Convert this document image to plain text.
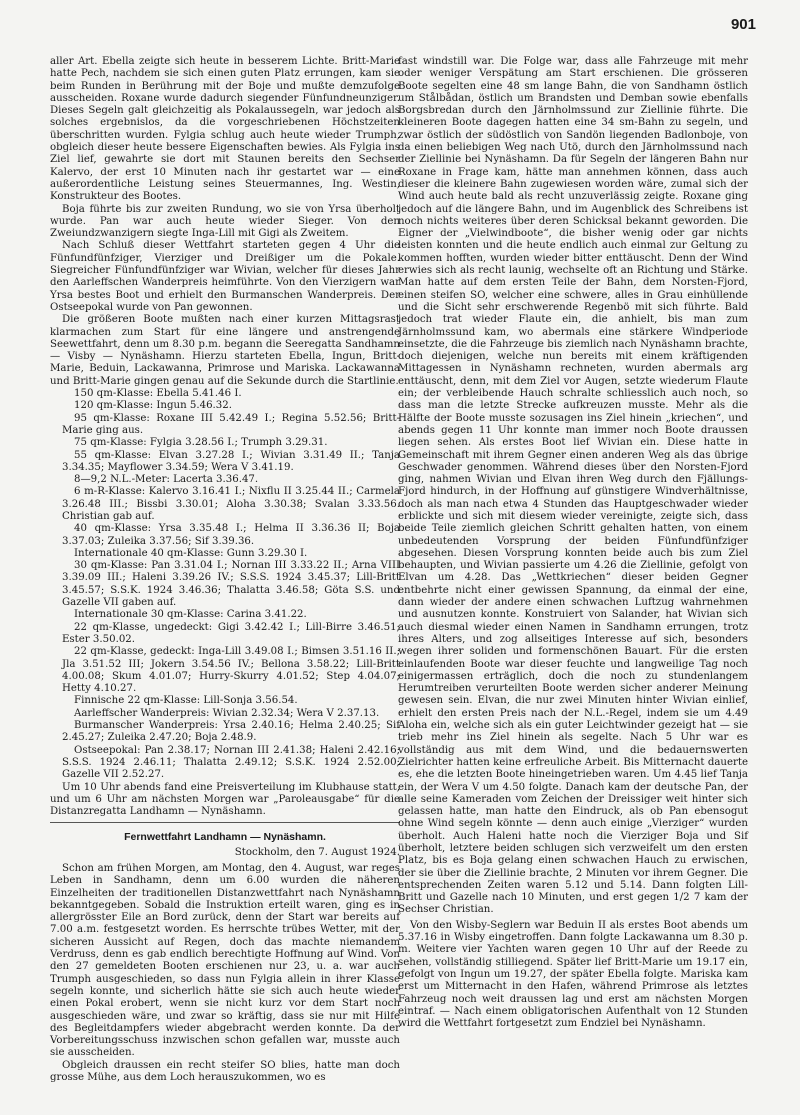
901

aller Art. Ebella zeigte sich heute in besserem Lichte. Britt-Marie hatte Pech, nachdem sie sich einen guten Platz errungen, kam sie beim Runden in Berührung mit der Boje und mußte demzufolge ausscheiden. Roxane wurde dadurch siegender Fünfundneunziger. Dieses Segeln galt gleichzeitig als Pokalaussegeln, war jedoch als solches ergebnislos, da die vorgeschriebenen Höchstzeiten überschritten wurden. Fylgia schlug auch heute wieder Trumph, obgleich dieser heute bessere Eigenschaften bewies. Als Fylgia ins Ziel lief, gewahrte sie dort mit Staunen bereits den Sechser Kalervo, der erst 10 Minuten nach ihr gestartet war — eine außerordentliche Leistung seines Steuermannes, Ing. Westin, Konstrukteur des Bootes.

Boja führte bis zur zweiten Rundung, wo sie von Yrsa überholt wurde. Pan war auch heute wieder Sieger. Von den Zweiundzwanzigern siegte Inga-Lill mit Gigi als Zweitem.

Nach Schluß dieser Wettfahrt starteten gegen 4 Uhr die Fünfundfünfziger, Vierziger und Dreißiger um die Pokale. Siegreicher Fünfundfünfziger war Wivian, welcher für dieses Jahr den Aarleffschen Wanderpreis heimführte. Von den Vierzigern war Yrsa bestes Boot und erhielt den Burmanschen Wanderpreis. Der Ostseepokal wurde von Pan gewonnen.

Die größeren Boote mußten nach einer kurzen Mittagsrast klarmachen zum Start für eine längere und anstrengende Seewettfahrt, denn um 8.30 p.m. begann die Seeregatta Sandhamn — Visby — Nynäshamn. Hierzu starteten Ebella, Ingun, Britt-Marie, Beduin, Lackawanna, Primrose und Mariska. Lackawanna und Britt-Marie gingen genau auf die Sekunde durch die Startlinie.

150 qm-Klasse: Ebella 5.41.46 I.

120 qm-Klasse: Ingun 5.46.32.

95 qm-Klasse: Roxane III 5.42.49 I.; Regina 5.52.56; Britt-Marie ging aus.

75 qm-Klasse: Fylgia 3.28.56 I.; Trumph 3.29.31.

55 qm-Klasse: Elvan 3.27.28 I.; Wivian 3.31.49 II.; Tanja 3.34.35; Mayflower 3.34.59; Wera V 3.41.19.

8—9,2 N.L.-Meter: Lacerta 3.36.47.

6 m-R-Klasse: Kalervo 3.16.41 I.; Nixflu II 3.25.44 II.; Carmela 3.26.48 III.; Bissbi 3.30.01; Aloha 3.30.38; Svalan 3.33.56. Christian gab auf.

40 qm-Klasse: Yrsa 3.35.48 I.; Helma II 3.36.36 II; Boja 3.37.03; Zuleika 3.37.56; Sif 3.39.36.

Internationale 40 qm-Klasse: Gunn 3.29.30 I.

30 qm-Klasse: Pan 3.31.04 I.; Nornan III 3.33.22 II.; Arna VIII 3.39.09 III.; Haleni 3.39.26 IV.; S.S.S. 1924 3.45.37; Lill-Britt 3.45.57; S.S.K. 1924 3.46.36; Thalatta 3.46.58; Göta S.S. und Gazelle VII gaben auf.

Internationale 30 qm-Klasse: Carina 3.41.22.

22 qm-Klasse, ungedeckt: Gigi 3.42.42 I.; Lill-Birre 3.46.51; Ester 3.50.02.

22 qm-Klasse, gedeckt: Inga-Lill 3.49.08 I.; Bimsen 3.51.16 II.; Jla 3.51.52 III; Jokern 3.54.56 IV.; Bellona 3.58.22; Lill-Britt 4.00.08; Skum 4.01.07; Hurry-Skurry 4.01.52; Step 4.04.07; Hetty 4.10.27.

Finnische 22 qm-Klasse: Lill-Sonja 3.56.54.

Aarleffscher Wanderpreis: Wivian 2.32.34; Wera V 2.37.13.

Burmanscher Wanderpreis: Yrsa 2.40.16; Helma 2.40.25; Sif 2.45.27; Zuleika 2.47.20; Boja 2.48.9.

Ostseepokal: Pan 2.38.17; Nornan III 2.41.38; Haleni 2.42.16; S.S.S. 1924 2.46.11; Thalatta 2.49.12; S.S.K. 1924 2.52.00; Gazelle VII 2.52.27.

Um 10 Uhr abends fand eine Preisverteilung im Klubhause statt, und um 6 Uhr am nächsten Morgen war „Paroleausgabe“ für die Distanzregatta Landhamn — Nynäshamn.

Fernwettfahrt Landhamn — Nynäshamn.
Stockholm, den 7. August 1924.

Schon am frühen Morgen, am Montag, den 4. August, war reges Leben in Sandhamn, denn um 6.00 wurden die näheren Einzelheiten der traditionellen Distanzwettfahrt nach Nynäshamn bekanntgegeben. Sobald die Instruktion erteilt waren, ging es in allergrösster Eile an Bord zurück, denn der Start war bereits auf 7.00 a.m. festgesetzt worden. Es herrschte trübes Wetter, mit der sicheren Aussicht auf Regen, doch das machte niemandem Verdruss, denn es gab endlich berechtigte Hoffnung auf Wind. Von den 27 gemeldeten Booten erschienen nur 23, u. a. war auch Trumph ausgeschieden, so dass nun Fylgia allein in ihrer Klasse segeln konnte, und sicherlich hätte sie sich auch heute wieder einen Pokal erobert, wenn sie nicht kurz vor dem Start noch ausgeschieden wäre, und zwar so kräftig, dass sie nur mit Hilfe des Begleitdampfers wieder abgebracht werden konnte. Da der Vorbereitungsschuss inzwischen schon gefallen war, musste auch sie ausscheiden.

Obgleich draussen ein recht steifer SO blies, hatte man doch grosse Mühe, aus dem Loch herauszukommen, wo es

fast windstill war. Die Folge war, dass alle Fahrzeuge mit mehr oder weniger Verspätung am Start erschienen. Die grösseren Boote segelten eine 48 sm lange Bahn, die von Sandhamn östlich um Stålbådan, östlich um Brandsten und Demban sowie ebenfalls Borgsbredan durch den Järnholmssund zur Ziellinie führte. Die kleineren Boote dagegen hatten eine 34 sm-Bahn zu segeln, und zwar östlich der südöstlich von Sandön liegenden Badlonboje, von da einen beliebigen Weg nach Utö, durch den Järnholmssund nach der Ziellinie bei Nynäshamn. Da für Segeln der längeren Bahn nur Roxane in Frage kam, hätte man annehmen können, dass auch dieser die kleinere Bahn zugewiesen worden wäre, zumal sich der Wind auch heute bald als recht unzuverlässig zeigte. Roxane ging jedoch auf die längere Bahn, und im Augenblick des Schreibens ist noch nichts weiteres über deren Schicksal bekannt geworden. Die Eigner der „Vielwindboote“, die bisher wenig oder gar nichts leisten konnten und die heute endlich auch einmal zur Geltung zu kommen hofften, wurden wieder bitter enttäuscht. Denn der Wind erwies sich als recht launig, wechselte oft an Richtung und Stärke. Man hatte auf dem ersten Teile der Bahn, dem Norsten-Fjord, einen steifen SO, welcher eine schwere, alles in Grau einhüllende und die Sicht sehr erschwerende Regenbö mit sich führte. Bald jedoch trat wieder Flaute ein, die anhielt, bis man zum Järnholmssund kam, wo abermals eine stärkere Windperiode einsetzte, die die Fahrzeuge bis ziemlich nach Nynäshamn brachte, doch diejenigen, welche nun bereits mit einem kräftigenden Mittagessen in Nynäshamn rechneten, wurden abermals arg enttäuscht, denn, mit dem Ziel vor Augen, setzte wiederum Flaute ein; der verbleibende Hauch schralte schliesslich auch noch, so dass man die letzte Strecke aufkreuzen musste. Mehr als die Hälfte der Boote musste sozusagen ins Ziel hinein „kriechen“, und abends gegen 11 Uhr konnte man immer noch Boote draussen liegen sehen. Als erstes Boot lief Wivian ein. Diese hatte in Gemeinschaft mit ihrem Gegner einen anderen Weg als das übrige Geschwader genommen. Während dieses über den Norsten-Fjord ging, nahmen Wivian und Elvan ihren Weg durch den Fjällungs-Fjord hindurch, in der Hoffnung auf günstigere Windverhältnisse, doch als man nach etwa 4 Stunden das Hauptgeschwader wieder erblickte und sich mit diesem wieder vereinigte, zeigte sich, dass beide Teile ziemlich gleichen Schritt gehalten hatten, von einem unbedeutenden Vorsprung der beiden Fünfundfünfziger abgesehen. Diesen Vorsprung konnten beide auch bis zum Ziel behaupten, und Wivian passierte um 4.26 die Ziellinie, gefolgt von Elvan um 4.28. Das „Wettkriechen“ dieser beiden Gegner entbehrte nicht einer gewissen Spannung, da einmal der eine, dann wieder der andere einen schwachen Luftzug wahrnehmen und ausnutzen konnte. Konstruiert von Salander, hat Wivian sich auch diesmal wieder einen Namen in Sandhamn errungen, trotz ihres Alters, und zog allseitiges Interesse auf sich, besonders wegen ihrer soliden und formenschönen Bauart. Für die ersten einlaufenden Boote war dieser feuchte und langweilige Tag noch einigermassen erträglich, doch die noch zu stundenlangem Herumtreiben verurteilten Boote werden sicher anderer Meinung gewesen sein. Elvan, die nur zwei Minuten hinter Wivian einlief, erhielt den ersten Preis nach der N.L.-Regel, indem sie um 4.49 Aloha ein, welche sich als ein guter Leichtwinder gezeigt hat — sie trieb mehr ins Ziel hinein als segelte. Nach 5 Uhr war es vollständig aus mit dem Wind, und die bedauernswerten Zielrichter hatten keine erfreuliche Arbeit. Bis Mitternacht dauerte es, ehe die letzten Boote hineingetrieben waren. Um 4.45 lief Tanja ein, der Wera V um 4.50 folgte. Danach kam der deutsche Pan, der alle seine Kameraden vom Zeichen der Dreissiger weit hinter sich gelassen hatte, man hatte den Eindruck, als ob Pan ebensogut ohne Wind segeln könnte — denn auch einige „Vierziger“ wurden überholt. Auch Haleni hatte noch die Vierziger Boja und Sif überholt, letztere beiden schlugen sich verzweifelt um den ersten Platz, bis es Boja gelang einen schwachen Hauch zu erwischen, der sie über die Ziellinie brachte, 2 Minuten vor ihrem Gegner. Die entsprechenden Zeiten waren 5.12 und 5.14. Dann folgten Lill-Britt und Gazelle nach 10 Minuten, und erst gegen 1/2 7 kam der Sechser Christian.

Von den Wisby-Seglern war Beduin II als erstes Boot abends um 5.37.16 in Wisby eingetroffen. Dann folgte Lackawanna um 8.30 p. m. Weitere vier Yachten waren gegen 10 Uhr auf der Reede zu sehen, vollständig stilliegend. Später lief Britt-Marie um 19.17 ein, gefolgt von Ingun um 19.27, der später Ebella folgte. Mariska kam erst um Mitternacht in den Hafen, während Primrose als letztes Fahrzeug noch weit draussen lag und erst am nächsten Morgen eintraf. — Nach einem obligatorischen Aufenthalt von 12 Stunden wird die Wettfahrt fortgesetzt zum Endziel bei Nynäshamn.
